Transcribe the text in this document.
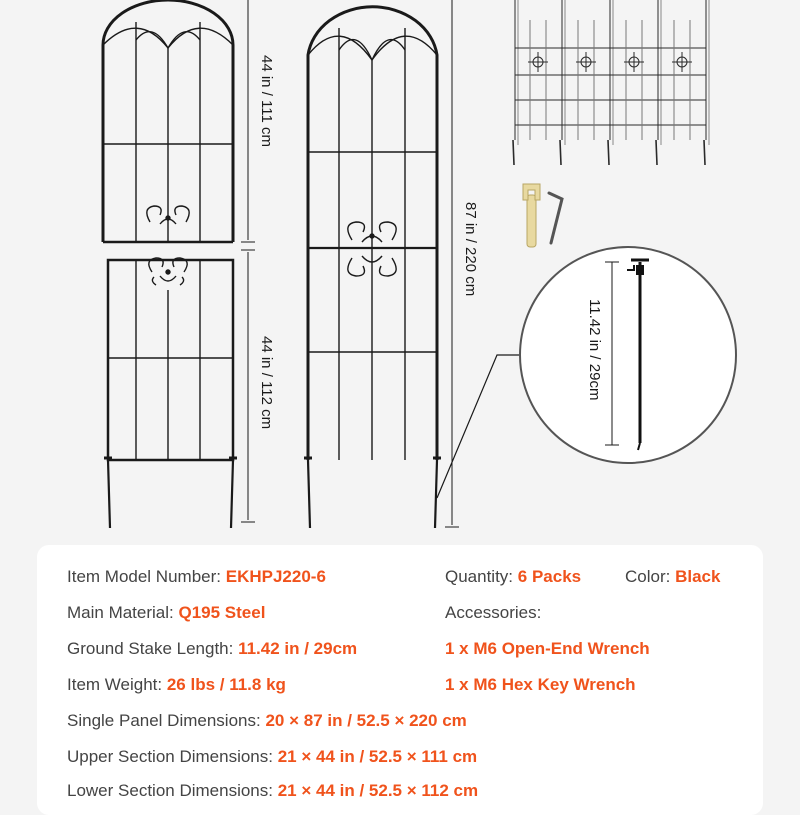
44 in / 111 cm
44 in / 112 cm
87 in / 220 cm
11.42 in / 29cm
Item Model Number: EKHPJ220-6	Quantity: 6 Packs	Color: Black
Main Material: Q195 Steel	Accessories:
Ground Stake Length: 11.42 in / 29cm	1 x M6 Open-End Wrench
Item Weight: 26 lbs / 11.8 kg	1 x M6 Hex Key Wrench
Single Panel Dimensions: 20 × 87 in / 52.5 × 220 cm
Upper Section Dimensions: 21 × 44 in / 52.5 × 111 cm
Lower Section Dimensions: 21 × 44 in / 52.5 × 112 cm
